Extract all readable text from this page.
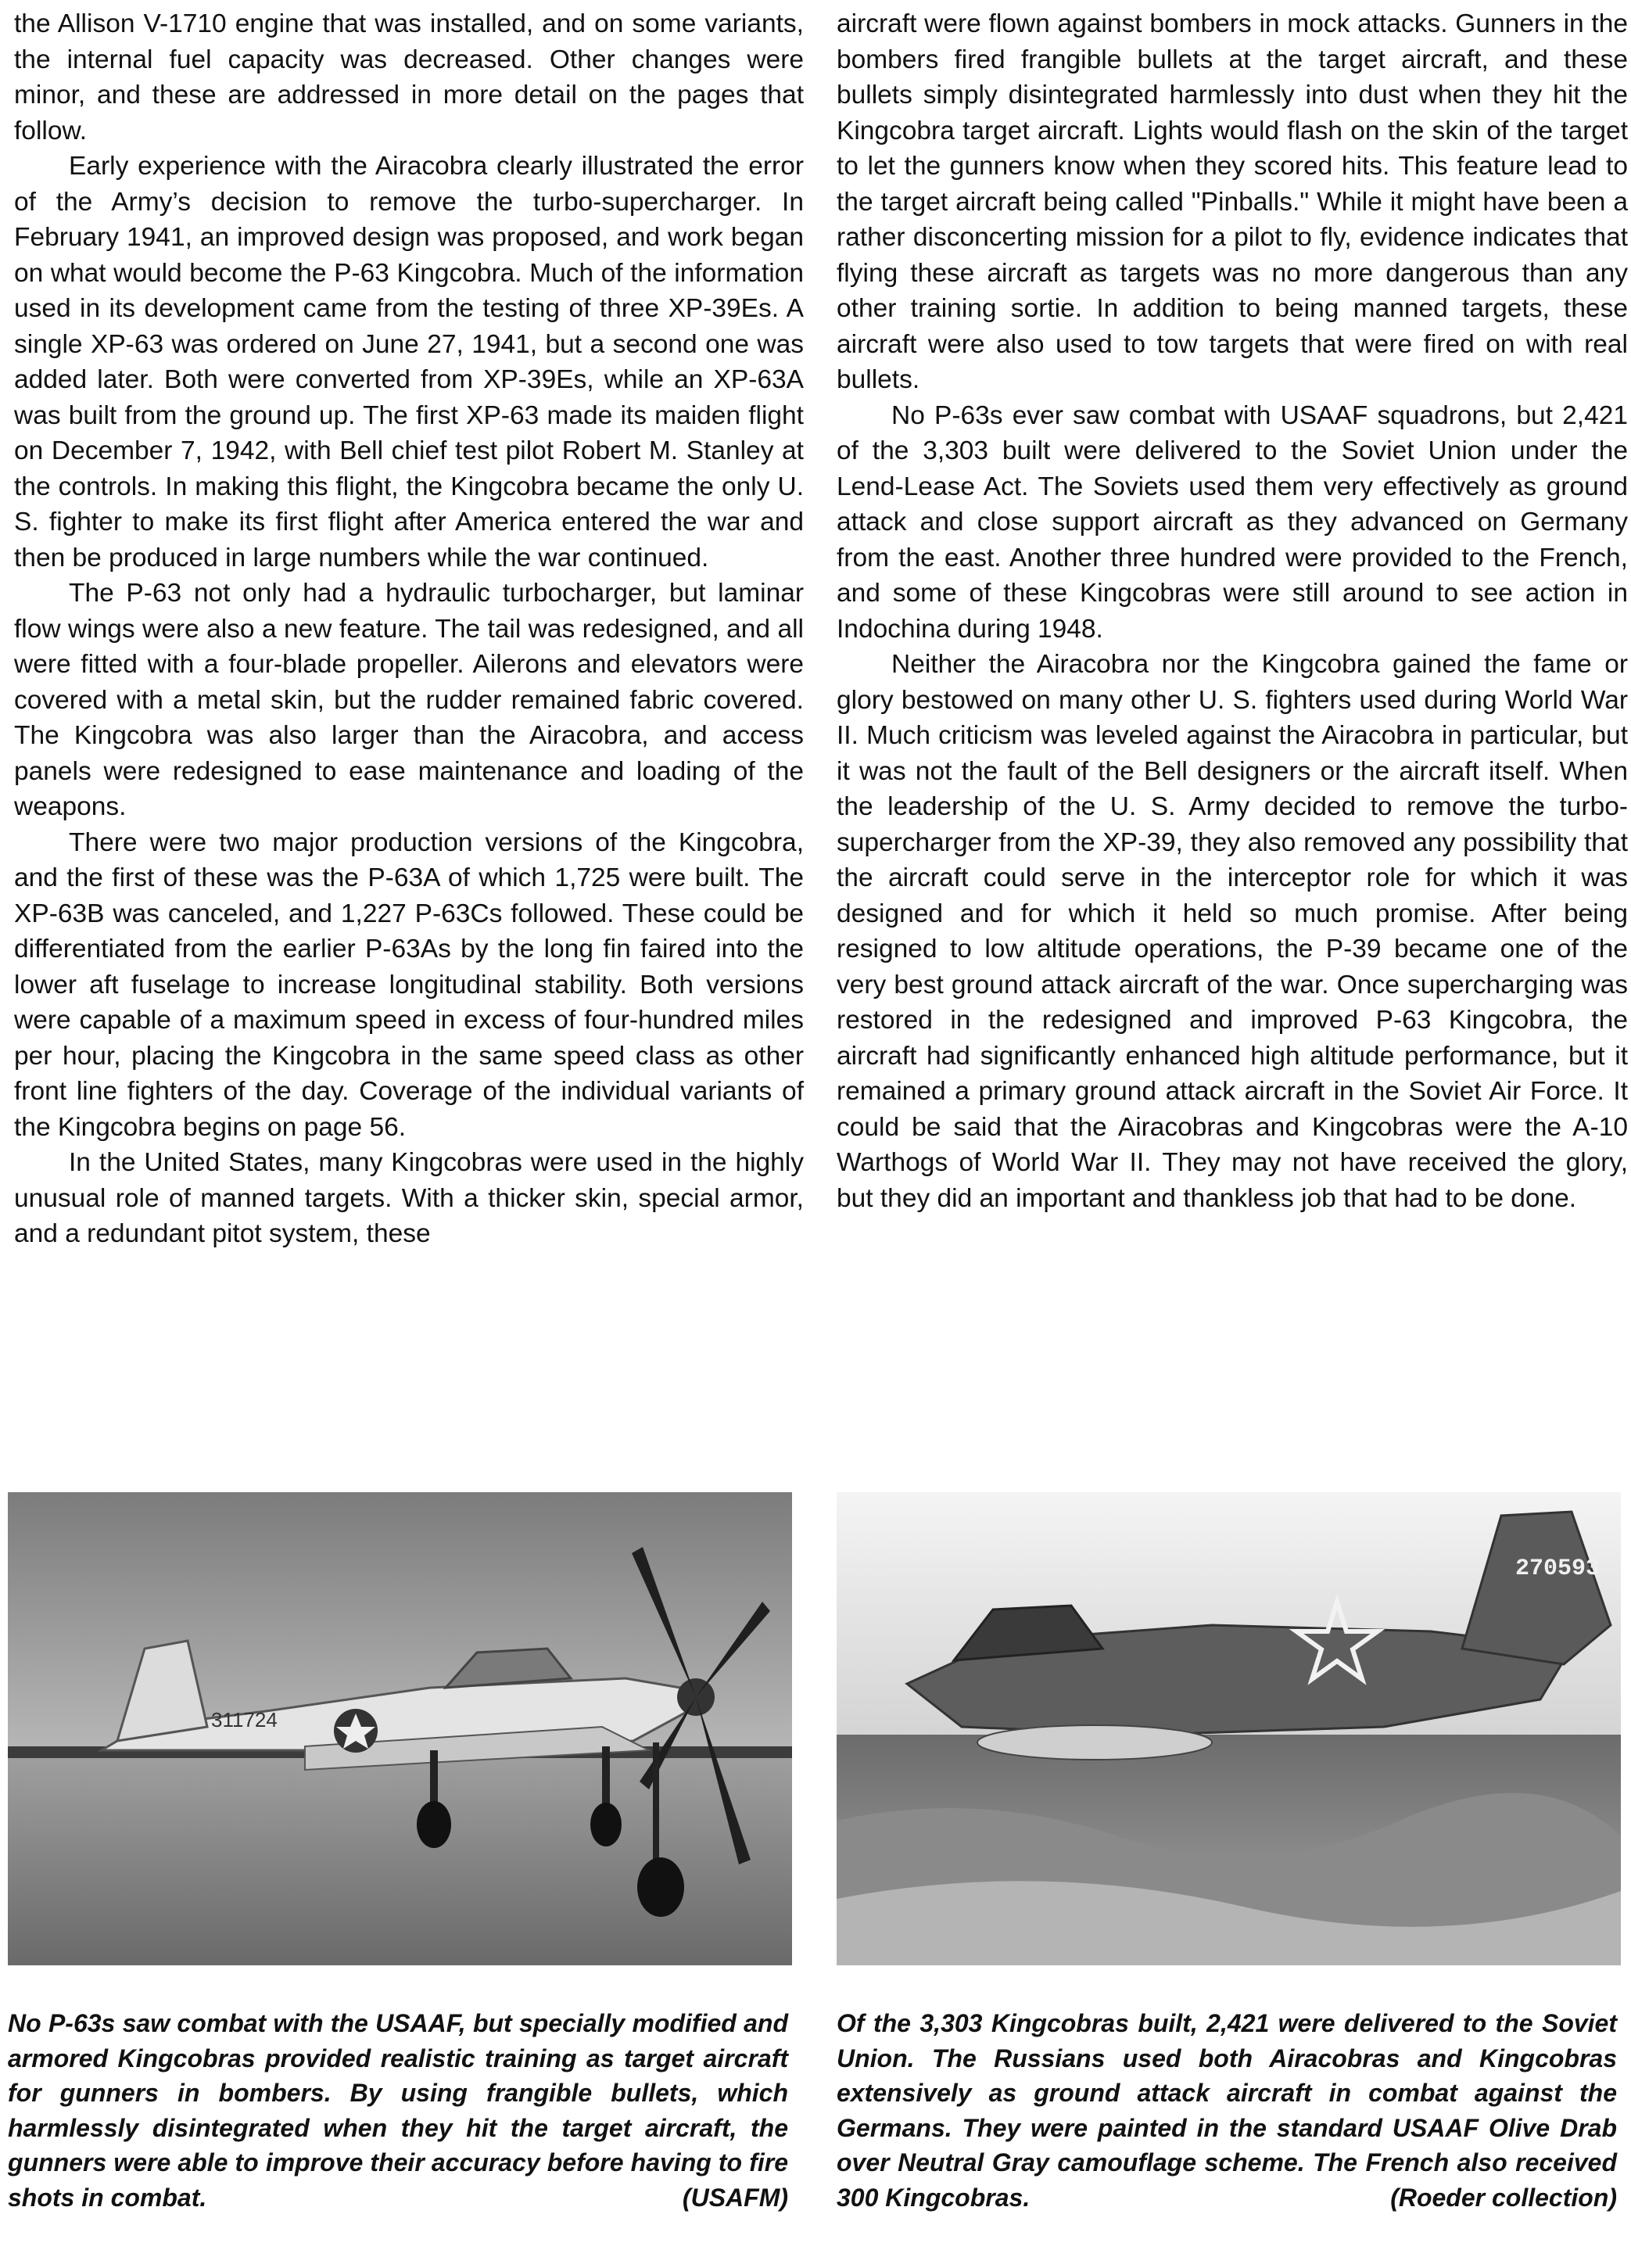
the Allison V-1710 engine that was installed, and on some variants, the internal fuel capacity was decreased. Other changes were minor, and these are addressed in more detail on the pages that follow.

Early experience with the Airacobra clearly illustrated the error of the Army’s decision to remove the turbo-supercharger. In February 1941, an improved design was proposed, and work began on what would become the P-63 Kingcobra. Much of the information used in its development came from the testing of three XP-39Es. A single XP-63 was ordered on June 27, 1941, but a second one was added later. Both were converted from XP-39Es, while an XP-63A was built from the ground up. The first XP-63 made its maiden flight on December 7, 1942, with Bell chief test pilot Robert M. Stanley at the controls. In making this flight, the Kingcobra became the only U. S. fighter to make its first flight after America entered the war and then be produced in large numbers while the war continued.

The P-63 not only had a hydraulic turbocharger, but laminar flow wings were also a new feature. The tail was redesigned, and all were fitted with a four-blade propeller. Ailerons and elevators were covered with a metal skin, but the rudder remained fabric covered. The Kingcobra was also larger than the Airacobra, and access panels were redesigned to ease maintenance and loading of the weapons.

There were two major production versions of the Kingcobra, and the first of these was the P-63A of which 1,725 were built. The XP-63B was canceled, and 1,227 P-63Cs followed. These could be differentiated from the earlier P-63As by the long fin faired into the lower aft fuselage to increase longitudinal stability. Both versions were capable of a maximum speed in excess of four-hundred miles per hour, placing the Kingcobra in the same speed class as other front line fighters of the day. Coverage of the individual variants of the Kingcobra begins on page 56.

In the United States, many Kingcobras were used in the highly unusual role of manned targets. With a thicker skin, special armor, and a redundant pitot system, these

aircraft were flown against bombers in mock attacks. Gunners in the bombers fired frangible bullets at the target aircraft, and these bullets simply disintegrated harmlessly into dust when they hit the Kingcobra target aircraft. Lights would flash on the skin of the target to let the gunners know when they scored hits. This feature lead to the target aircraft being called "Pinballs." While it might have been a rather disconcerting mission for a pilot to fly, evidence indicates that flying these aircraft as targets was no more dangerous than any other training sortie. In addition to being manned targets, these aircraft were also used to tow targets that were fired on with real bullets.

No P-63s ever saw combat with USAAF squadrons, but 2,421 of the 3,303 built were delivered to the Soviet Union under the Lend-Lease Act. The Soviets used them very effectively as ground attack and close support aircraft as they advanced on Germany from the east. Another three hundred were provided to the French, and some of these Kingcobras were still around to see action in Indochina during 1948.

Neither the Airacobra nor the Kingcobra gained the fame or glory bestowed on many other U. S. fighters used during World War II. Much criticism was leveled against the Airacobra in particular, but it was not the fault of the Bell designers or the aircraft itself. When the leadership of the U. S. Army decided to remove the turbo-supercharger from the XP-39, they also removed any possibility that the aircraft could serve in the interceptor role for which it was designed and for which it held so much promise. After being resigned to low altitude operations, the P-39 became one of the very best ground attack aircraft of the war. Once supercharging was restored in the redesigned and improved P-63 Kingcobra, the aircraft had significantly enhanced high altitude performance, but it remained a primary ground attack aircraft in the Soviet Air Force. It could be said that the Airacobras and Kingcobras were the A-10 Warthogs of World War II. They may not have received the glory, but they did an important and thankless job that had to be done.

311724
270593
No P-63s saw combat with the USAAF, but specially modified and armored Kingcobras provided realistic training as target aircraft for gunners in bombers. By using frangible bullets, which harmlessly disintegrated when they hit the target aircraft, the gunners were able to improve their accuracy before having to fire shots in combat.	(USAFM)
Of the 3,303 Kingcobras built, 2,421 were delivered to the Soviet Union. The Russians used both Airacobras and Kingcobras extensively as ground attack aircraft in combat against the Germans. They were painted in the standard USAAF Olive Drab over Neutral Gray camouflage scheme. The French also received 300 Kingcobras.	(Roeder collection)
